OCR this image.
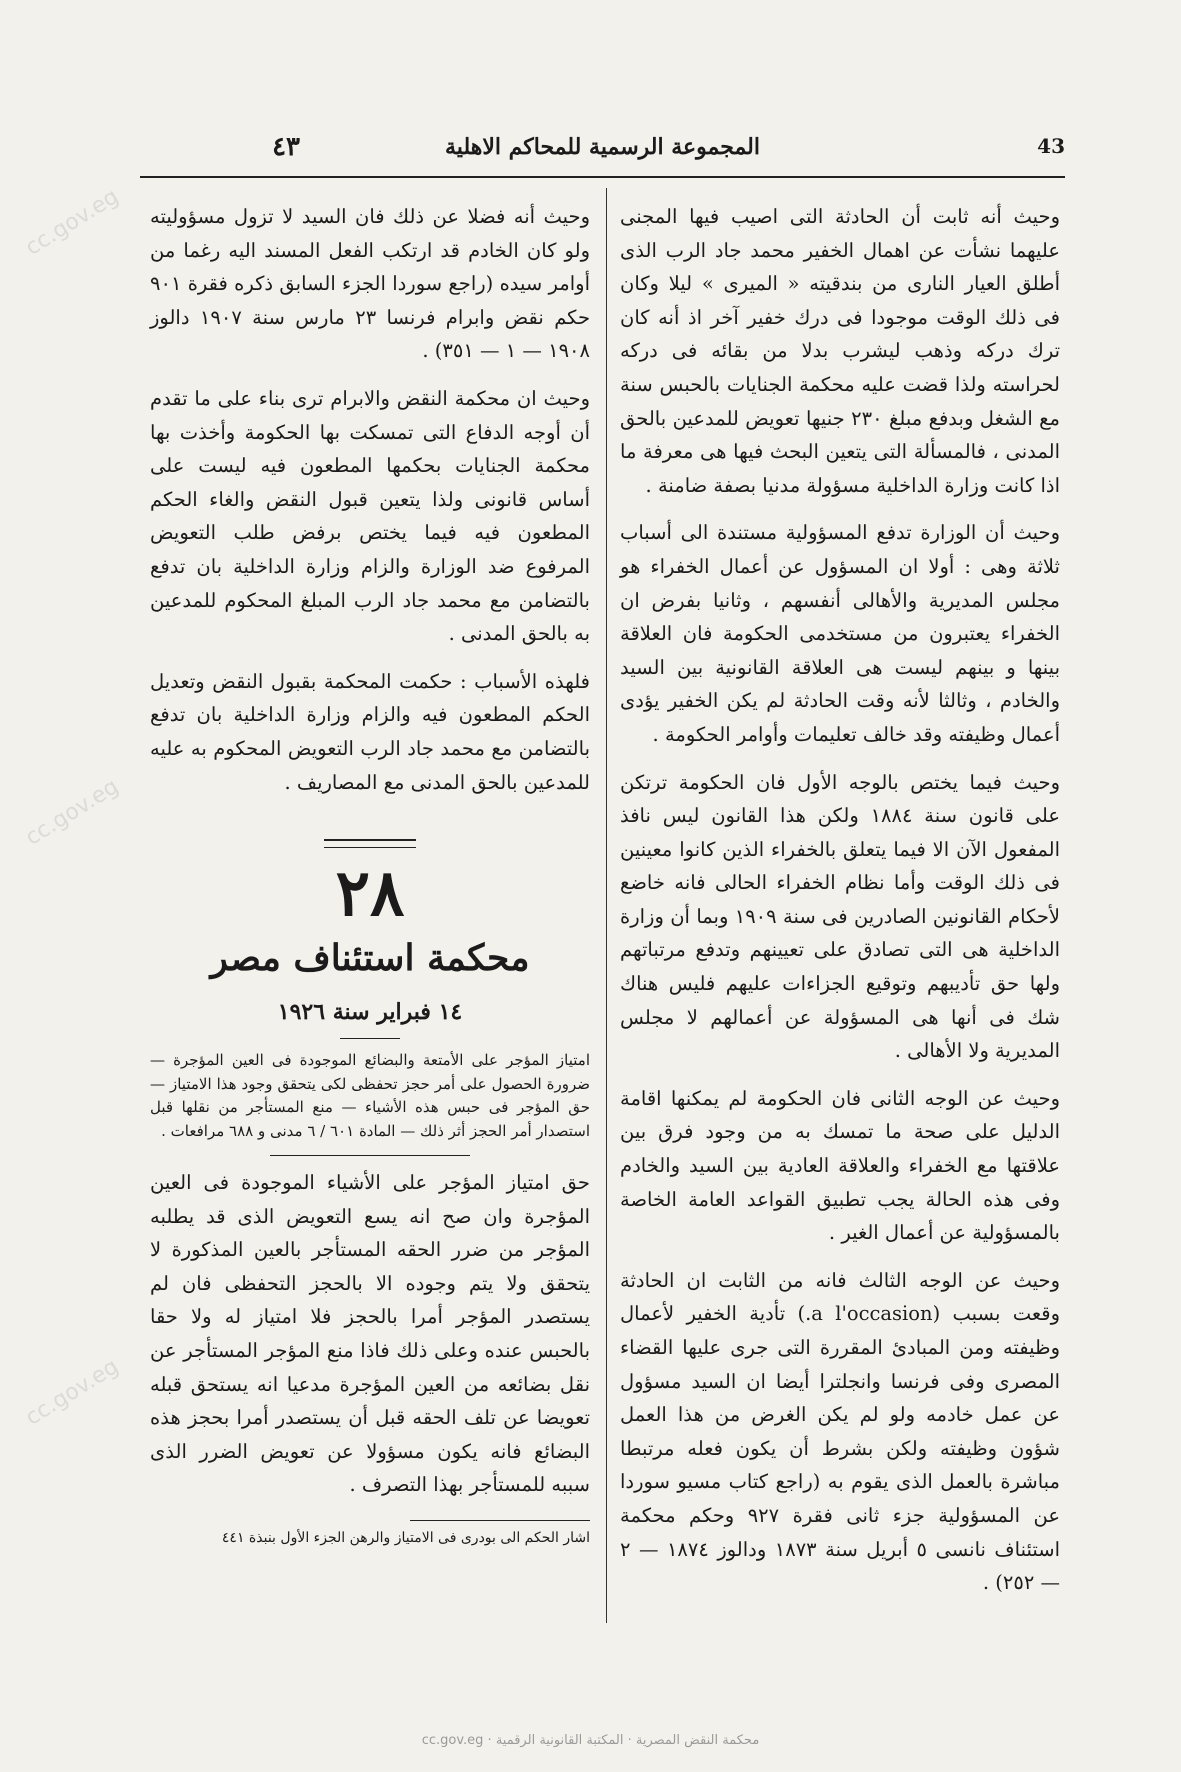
43
المجموعة الرسمية للمحاكم الاهلية
٤٣

وحيث أنه ثابت أن الحادثة التى اصيب فيها المجنى عليهما نشأت عن اهمال الخفير محمد جاد الرب الذى أطلق العيار النارى من بندقيته « الميرى » ليلا وكان فى ذلك الوقت موجودا فى درك خفير آخر اذ أنه كان ترك دركه وذهب ليشرب بدلا من بقائه فى دركه لحراسته ولذا قضت عليه محكمة الجنايات بالحبس سنة مع الشغل وبدفع مبلغ ٢٣٠ جنيها تعويض للمدعين بالحق المدنى ، فالمسألة التى يتعين البحث فيها هى معرفة ما اذا كانت وزارة الداخلية مسؤولة مدنيا بصفة ضامنة .

وحيث أن الوزارة تدفع المسؤولية مستندة الى أسباب ثلاثة وهى : أولا ان المسؤول عن أعمال الخفراء هو مجلس المديرية والأهالى أنفسهم ، وثانيا بفرض ان الخفراء يعتبرون من مستخدمى الحكومة فان العلاقة بينها و بينهم ليست هى العلاقة القانونية بين السيد والخادم ، وثالثا لأنه وقت الحادثة لم يكن الخفير يؤدى أعمال وظيفته وقد خالف تعليمات وأوامر الحكومة .

وحيث فيما يختص بالوجه الأول فان الحكومة ترتكن على قانون سنة ١٨٨٤ ولكن هذا القانون ليس نافذ المفعول الآن الا فيما يتعلق بالخفراء الذين كانوا معينين فى ذلك الوقت وأما نظام الخفراء الحالى فانه خاضع لأحكام القانونين الصادرين فى سنة ١٩٠٩ وبما أن وزارة الداخلية هى التى تصادق على تعيينهم وتدفع مرتباتهم ولها حق تأديبهم وتوقيع الجزاءات عليهم فليس هناك شك فى أنها هى المسؤولة عن أعمالهم لا مجلس المديرية ولا الأهالى .

وحيث عن الوجه الثانى فان الحكومة لم يمكنها اقامة الدليل على صحة ما تمسك به من وجود فرق بين علاقتها مع الخفراء والعلاقة العادية بين السيد والخادم وفى هذه الحالة يجب تطبيق القواعد العامة الخاصة بالمسؤولية عن أعمال الغير .

وحيث عن الوجه الثالث فانه من الثابت ان الحادثة وقعت بسبب (a l'occasion.) تأدية الخفير لأعمال وظيفته ومن المبادئ المقررة التى جرى عليها القضاء المصرى وفى فرنسا وانجلترا أيضا ان السيد مسؤول عن عمل خادمه ولو لم يكن الغرض من هذا العمل شؤون وظيفته ولكن بشرط أن يكون فعله مرتبطا مباشرة بالعمل الذى يقوم به (راجع كتاب مسيو سوردا عن المسؤولية جزء ثانى فقرة ٩٢٧ وحكم محكمة استئناف نانسى ٥ أبريل سنة ١٨٧٣ ودالوز ١٨٧٤ — ٢ — ٢٥٢) .

وحيث أنه فضلا عن ذلك فان السيد لا تزول مسؤوليته ولو كان الخادم قد ارتكب الفعل المسند اليه رغما من أوامر سيده (راجع سوردا الجزء السابق ذكره فقرة ٩٠١ حكم نقض وابرام فرنسا ٢٣ مارس سنة ١٩٠٧ دالوز ١٩٠٨ — ١ — ٣٥١) .

وحيث ان محكمة النقض والابرام ترى بناء على ما تقدم أن أوجه الدفاع التى تمسكت بها الحكومة وأخذت بها محكمة الجنايات بحكمها المطعون فيه ليست على أساس قانونى ولذا يتعين قبول النقض والغاء الحكم المطعون فيه فيما يختص برفض طلب التعويض المرفوع ضد الوزارة والزام وزارة الداخلية بان تدفع بالتضامن مع محمد جاد الرب المبلغ المحكوم للمدعين به بالحق المدنى .

فلهذه الأسباب : حكمت المحكمة بقبول النقض وتعديل الحكم المطعون فيه والزام وزارة الداخلية بان تدفع بالتضامن مع محمد جاد الرب التعويض المحكوم به عليه للمدعين بالحق المدنى مع المصاريف .

٢٨
محكمة استئناف مصر
١٤ فبراير سنة ١٩٢٦

امتياز المؤجر على الأمتعة والبضائع الموجودة فى العين المؤجرة — ضرورة الحصول على أمر حجز تحفظى لكى يتحقق وجود هذا الامتياز — حق المؤجر فى حبس هذه الأشياء — منع المستأجر من نقلها قبل استصدار أمر الحجز أثر ذلك — المادة ٦٠١ / ٦ مدنى و ٦٨٨ مرافعات .

حق امتياز المؤجر على الأشياء الموجودة فى العين المؤجرة وان صح انه يسع التعويض الذى قد يطلبه المؤجر من ضرر الحقه المستأجر بالعين المذكورة لا يتحقق ولا يتم وجوده الا بالحجز التحفظى فان لم يستصدر المؤجر أمرا بالحجز فلا امتياز له ولا حقا بالحبس عنده وعلى ذلك فاذا منع المؤجر المستأجر عن نقل بضائعه من العين المؤجرة مدعيا انه يستحق قبله تعويضا عن تلف الحقه قبل أن يستصدر أمرا بحجز هذه البضائع فانه يكون مسؤولا عن تعويض الضرر الذى سببه للمستأجر بهذا التصرف .

اشار الحكم الى بودرى فى الامتياز والرهن الجزء الأول بنبذة ٤٤١

cc.gov.eg
cc.gov.eg
cc.gov.eg
cc.gov.eg · محكمة النقض المصرية · المكتبة القانونية الرقمية
